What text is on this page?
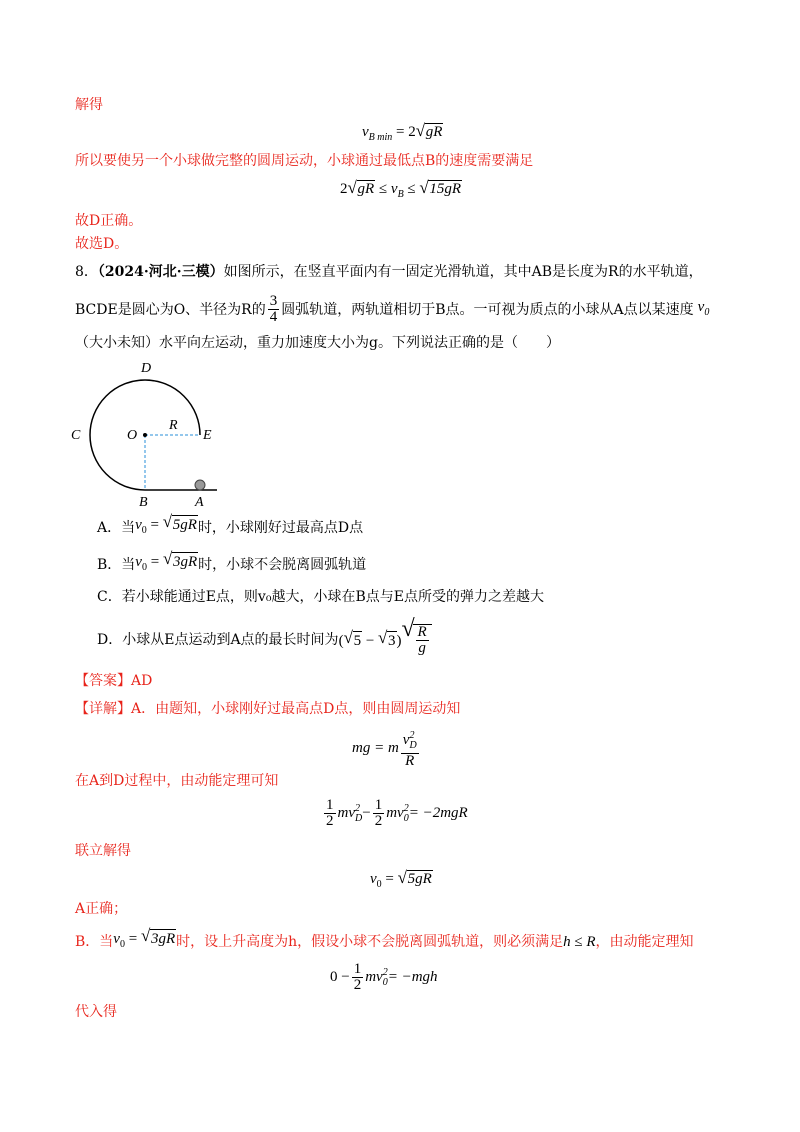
解得
$v_{B min} = 2$ √ gR
所以要使另一个小球做完整的圆周运动，小球通过最低点B的速度需要满足
2 √ gR ≤ $v_B$ ≤ √ 15gR
故D正确。
故选D。
8．（2024·河北·三模）如图所示，在竖直平面内有一固定光滑轨道，其中AB是长度为R的水平轨道，
BCDE是圆心为O、半径为R的 $\frac{3}{4}$ 圆弧轨道，两轨道相切于B点。一可视为质点的小球从A点以某速度 $v_0$
（大小未知）水平向左运动，重力加速度大小为g。下列说法正确的是（　　）
D
C	O
R
E
B	A
A．当 $v_0$ = √ 5gR 时，小球刚好过最高点D点
B．当 $v_0$ = √ 3gR 时，小球不会脱离圆弧轨道
C．若小球能通过E点，则v₀越大，小球在B点与E点所受的弹力之差越大
D．小球从E点运动到A点的最长时间为 ( √ 5 − √ 3) √ $\frac{R}{g}$
【答案】AD
【详解】A．由题知，小球刚好过最高点D点，则由圆周运动知
mg = m $\frac{v^2_D}{R}$
在A到D过程中，由动能定理可知
$\frac{1}{2} mv^2_D - \frac{1}{2} mv^2_0 = -2mgR$
联立解得
$v_0$ = √ 5gR
A正确；
B．当 $v_0$ = √ 3gR 时，设上升高度为h，假设小球不会脱离圆弧轨道，则必须满足 h ≤ R ，由动能定理知
$0 - \frac{1}{2} mv^2_0 = -mgh$
代入得
